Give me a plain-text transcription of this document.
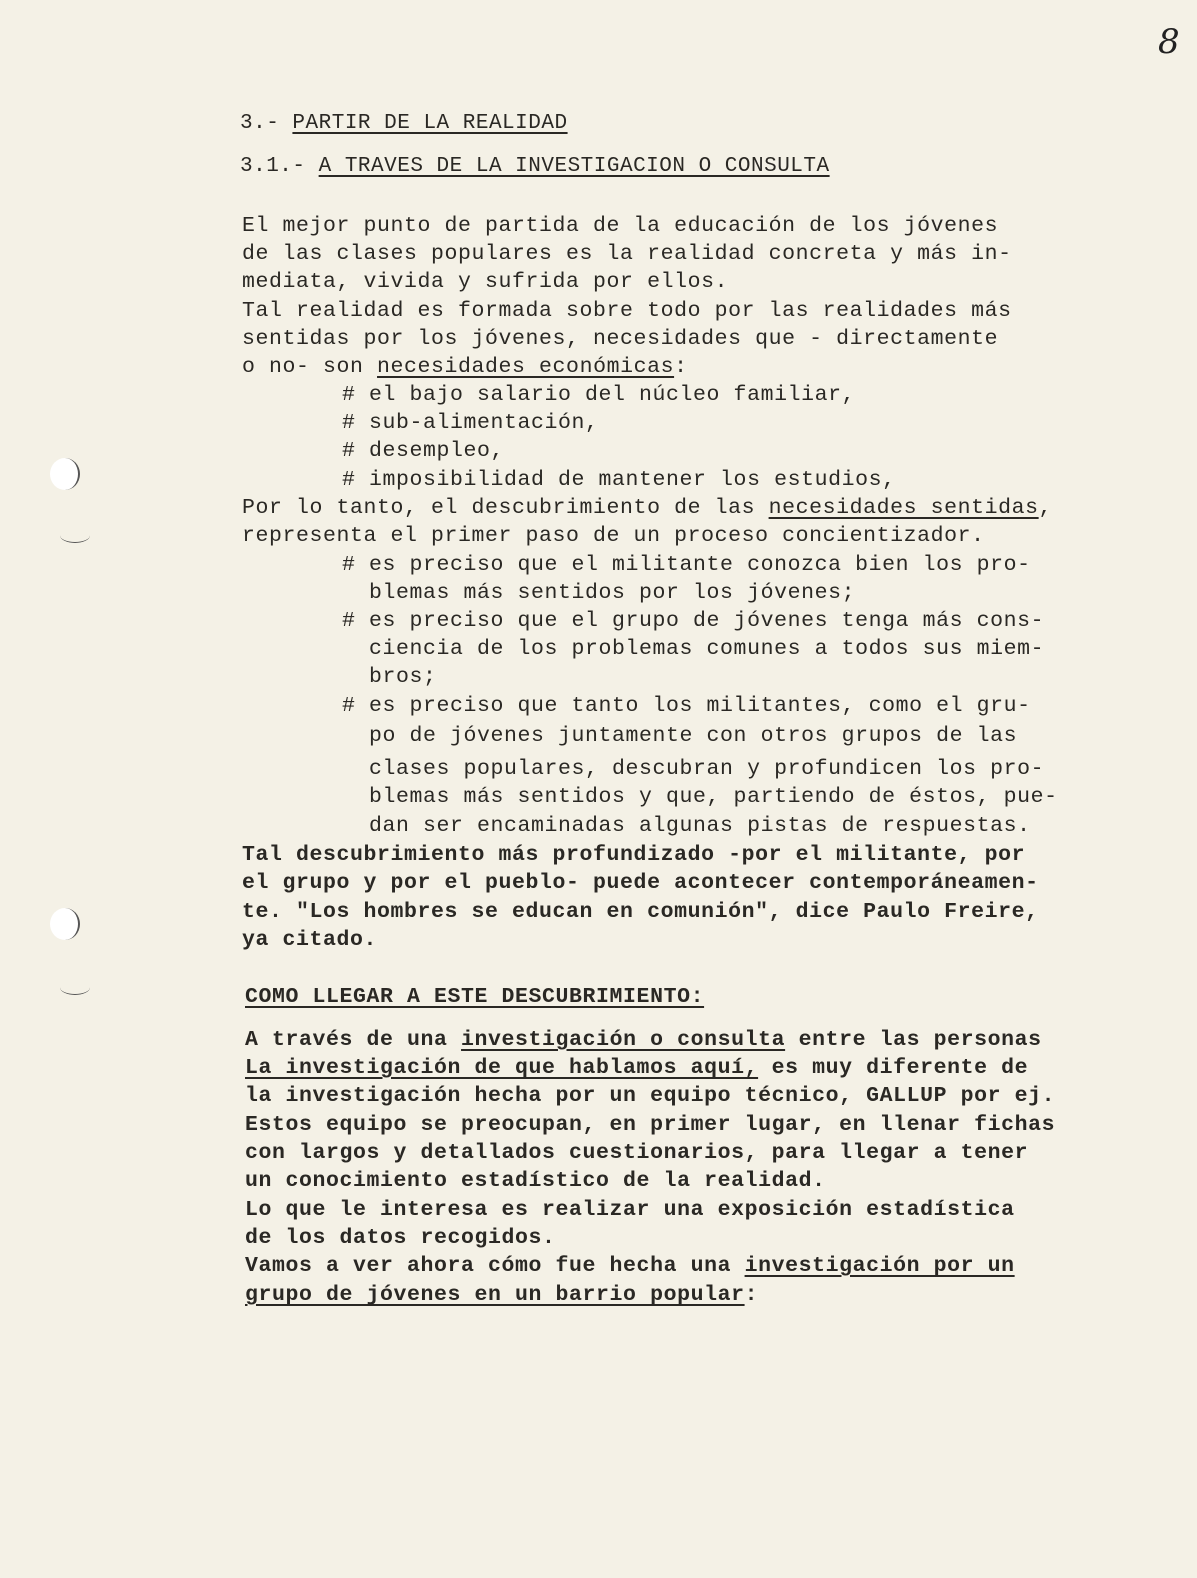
8
3.- PARTIR DE LA REALIDAD
3.1.- A TRAVES DE LA INVESTIGACION O CONSULTA
El mejor punto de partida de la educación de los jóvenes
de las clases populares es la realidad concreta y más in-
mediata, vivida y sufrida por ellos.
Tal realidad es formada sobre todo por las realidades más
sentidas por los jóvenes, necesidades que - directamente
o no- son necesidades económicas:
# el bajo salario del núcleo familiar,
# sub-alimentación,
# desempleo,
# imposibilidad de mantener los estudios,
Por lo tanto, el descubrimiento de las necesidades sentidas,
representa el primer paso de un proceso concientizador.
# es preciso que el militante conozca bien los pro-
blemas más sentidos por los jóvenes;
# es preciso que el grupo de jóvenes tenga más cons-
ciencia de los problemas comunes a todos sus miem-
bros;
# es preciso que tanto los militantes, como el gru-
po de jóvenes juntamente con otros grupos de las
clases populares, descubran y profundicen los pro-
blemas más sentidos y que, partiendo de éstos, pue-
dan ser encaminadas algunas pistas de respuestas.
Tal descubrimiento más profundizado -por el militante, por
el grupo y por el pueblo- puede acontecer contemporáneamen-
te. "Los hombres se educan en comunión", dice Paulo Freire,
ya citado.
COMO LLEGAR A ESTE DESCUBRIMIENTO:
A través de una investigación o consulta entre las personas
La investigación de que hablamos aquí, es muy diferente de
la investigación hecha por un equipo técnico, GALLUP por ej.
Estos equipo se preocupan, en primer lugar, en llenar fichas
con largos y detallados cuestionarios, para llegar a tener
un conocimiento estadístico de la realidad.
Lo que le interesa es realizar una exposición estadística
de los datos recogidos.
Vamos a ver ahora cómo fue hecha una investigación por un
grupo de jóvenes en un barrio popular:
